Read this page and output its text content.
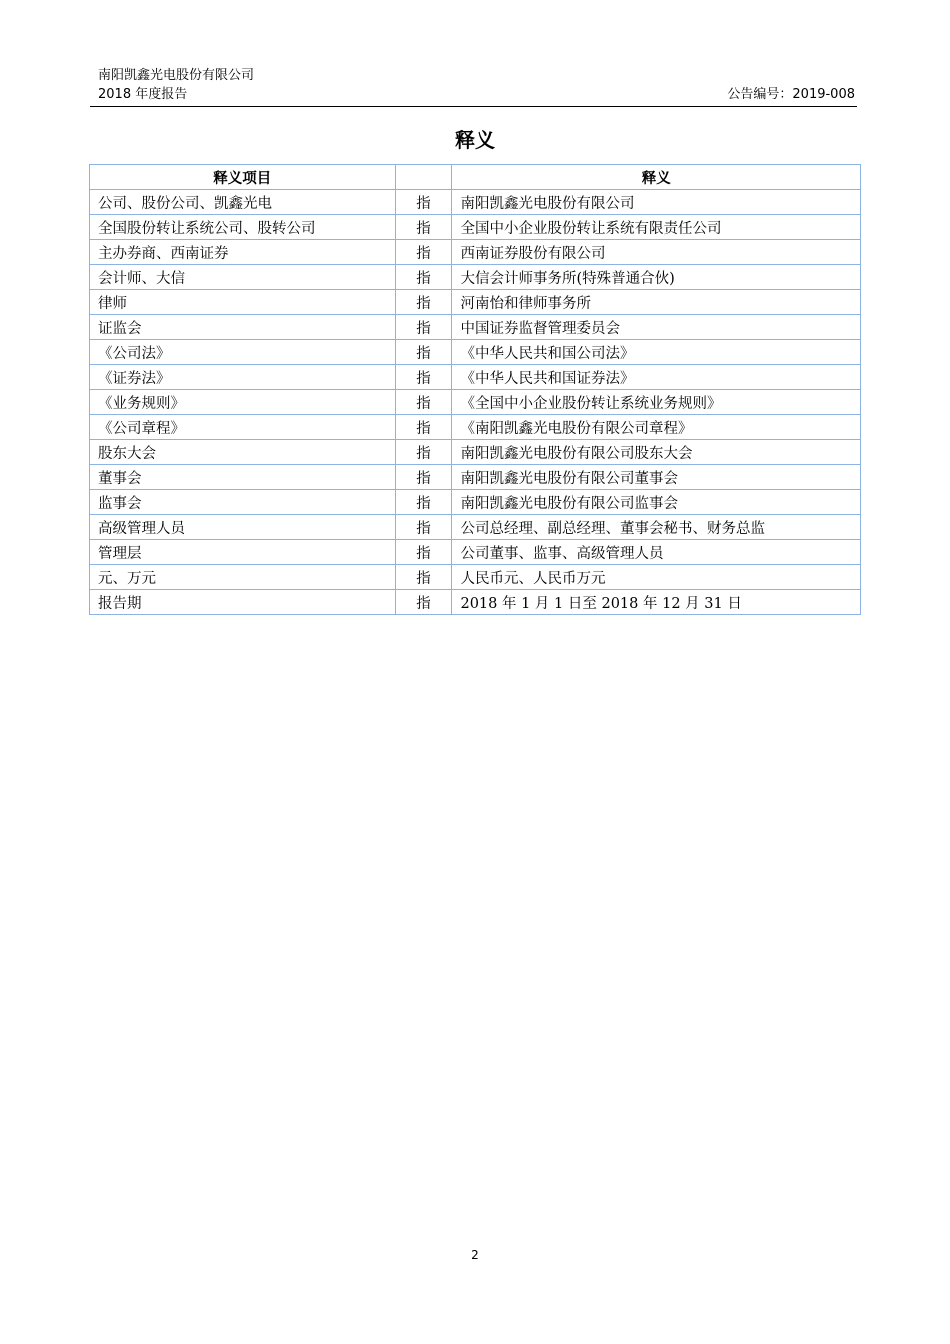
南阳凯鑫光电股份有限公司
2018 年度报告	公告编号：2019-008
释义
释义项目		释义
公司、股份公司、凯鑫光电	指	南阳凯鑫光电股份有限公司
全国股份转让系统公司、股转公司	指	全国中小企业股份转让系统有限责任公司
主办券商、西南证券	指	西南证券股份有限公司
会计师、大信	指	大信会计师事务所(特殊普通合伙)
律师	指	河南怡和律师事务所
证监会	指	中国证券监督管理委员会
《公司法》	指	《中华人民共和国公司法》
《证券法》	指	《中华人民共和国证券法》
《业务规则》	指	《全国中小企业股份转让系统业务规则》
《公司章程》	指	《南阳凯鑫光电股份有限公司章程》
股东大会	指	南阳凯鑫光电股份有限公司股东大会
董事会	指	南阳凯鑫光电股份有限公司董事会
监事会	指	南阳凯鑫光电股份有限公司监事会
高级管理人员	指	公司总经理、副总经理、董事会秘书、财务总监
管理层	指	公司董事、监事、高级管理人员
元、万元	指	人民币元、人民币万元
报告期	指	2018 年 1 月 1 日至 2018 年 12 月 31 日
2
